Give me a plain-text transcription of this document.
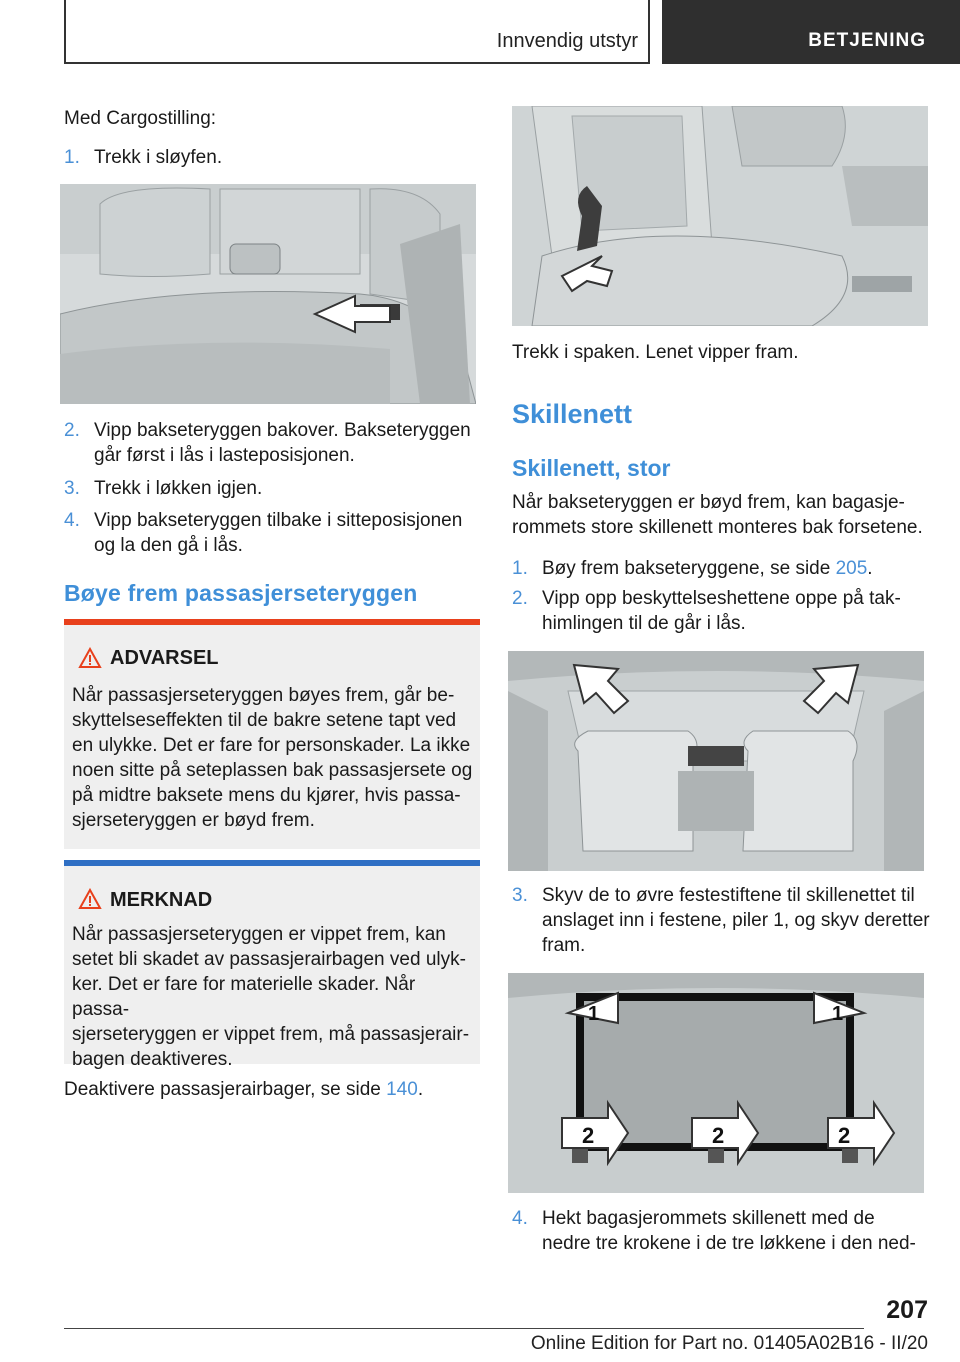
Innvendig utstyr	BETJENING
Med Cargostilling:
1. Trekk i sløyfen.
2. Vipp bakseteryggen bakover. Bakseteryggen
går først i lås i lasteposisjonen.
3. Trekk i løkken igjen.
4. Vipp bakseteryggen tilbake i sitteposisjonen
og la den gå i lås.
Bøye frem passasjerseteryggen
ADVARSEL
Når passasjerseteryggen bøyes frem, går be-
skyttelseseffekten til de bakre setene tapt ved
en ulykke. Det er fare for personskader. La ikke
noen sitte på seteplassen bak passasjersete og
på midtre baksete mens du kjører, hvis passa-
sjerseteryggen er bøyd frem.
MERKNAD
Når passasjerseteryggen er vippet frem, kan
setet bli skadet av passasjerairbagen ved ulyk-
ker. Det er fare for materielle skader. Når passa-
sjerseteryggen er vippet frem, må passasjerair-
bagen deaktiveres.
Deaktivere passasjerairbager, se side 140.
Trekk i spaken. Lenet vipper fram.
Skillenett
Skillenett, stor
Når bakseteryggen er bøyd frem, kan bagasje-
rommets store skillenett monteres bak forsetene.
1. Bøy frem bakseteryggene, se side 205.
2. Vipp opp beskyttelseshettene oppe på tak-
himlingen til de går i lås.
3. Skyv de to øvre festestiftene til skillenettet til
anslaget inn i festene, piler 1, og skyv deretter
fram.
1	1
2	2	2
4. Hekt bagasjerommets skillenett med de
nedre tre krokene i de tre løkkene i den ned-
207
Online Edition for Part no. 01405A02B16 - II/20
